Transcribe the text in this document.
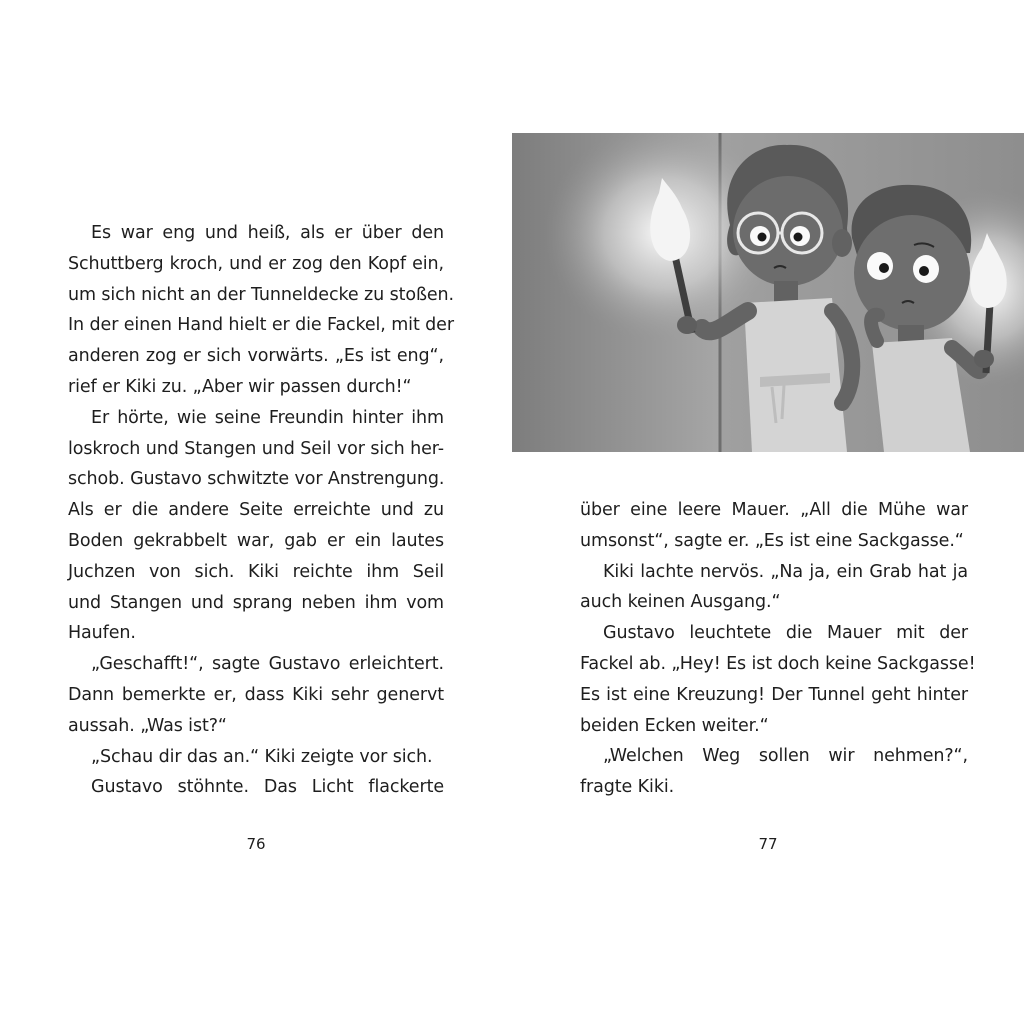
Es war eng und heiß, als er über den
Schuttberg kroch, und er zog den Kopf ein,
um sich nicht an der Tunneldecke zu stoßen.
In der einen Hand hielt er die Fackel, mit der
anderen zog er sich vorwärts. „Es ist eng“,
rief er Kiki zu. „Aber wir passen durch!“

Er hörte, wie seine Freundin hinter ihm
loskroch und Stangen und Seil vor sich her-
schob. Gustavo schwitzte vor Anstrengung.
Als er die andere Seite erreichte und zu
Boden gekrabbelt war, gab er ein lautes
Juchzen von sich. Kiki reichte ihm Seil
und Stangen und sprang neben ihm vom
Haufen.

„Geschafft!“, sagte Gustavo erleichtert.
Dann bemerkte er, dass Kiki sehr genervt
aussah. „Was ist?“

„Schau dir das an.“ Kiki zeigte vor sich.

Gustavo stöhnte. Das Licht flackerte

76

über eine leere Mauer. „All die Mühe war
umsonst“, sagte er. „Es ist eine Sackgasse.“

Kiki lachte nervös. „Na ja, ein Grab hat ja
auch keinen Ausgang.“

Gustavo leuchtete die Mauer mit der
Fackel ab. „Hey! Es ist doch keine Sackgasse!
Es ist eine Kreuzung! Der Tunnel geht hinter
beiden Ecken weiter.“

„Welchen Weg sollen wir nehmen?“,
fragte Kiki.

77
